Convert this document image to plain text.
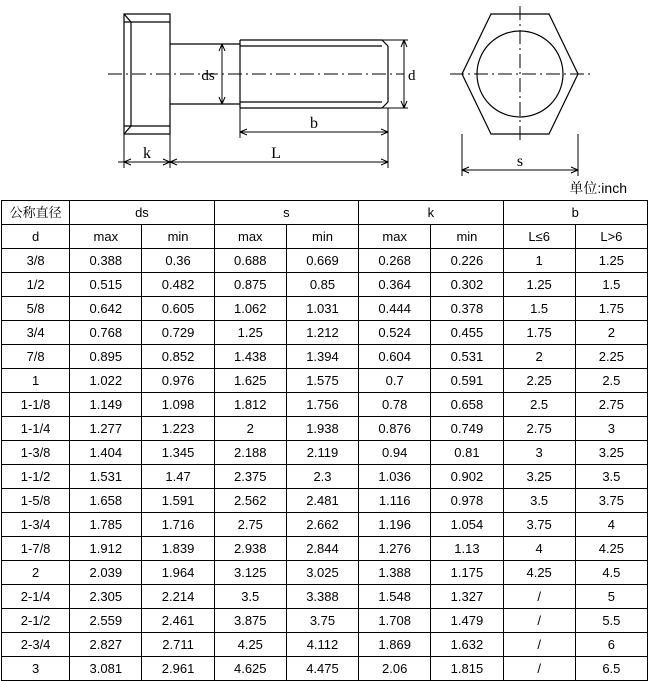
ds	d
b
L
k	s
单位:inch
公称直径	ds		s		k		b	
d	max	min	max	min	max	min	L≤6	L>6
3/8	0.388	0.36	0.688	0.669	0.268	0.226	1	1.25
1/2	0.515	0.482	0.875	0.85	0.364	0.302	1.25	1.5
5/8	0.642	0.605	1.062	1.031	0.444	0.378	1.5	1.75
3/4	0.768	0.729	1.25	1.212	0.524	0.455	1.75	2
7/8	0.895	0.852	1.438	1.394	0.604	0.531	2	2.25
1	1.022	0.976	1.625	1.575	0.7	0.591	2.25	2.5
1-1/8	1.149	1.098	1.812	1.756	0.78	0.658	2.5	2.75
1-1/4	1.277	1.223	2	1.938	0.876	0.749	2.75	3
1-3/8	1.404	1.345	2.188	2.119	0.94	0.81	3	3.25
1-1/2	1.531	1.47	2.375	2.3	1.036	0.902	3.25	3.5
1-5/8	1.658	1.591	2.562	2.481	1.116	0.978	3.5	3.75
1-3/4	1.785	1.716	2.75	2.662	1.196	1.054	3.75	4
1-7/8	1.912	1.839	2.938	2.844	1.276	1.13	4	4.25
2	2.039	1.964	3.125	3.025	1.388	1.175	4.25	4.5
2-1/4	2.305	2.214	3.5	3.388	1.548	1.327	/	5
2-1/2	2.559	2.461	3.875	3.75	1.708	1.479	/	5.5
2-3/4	2.827	2.711	4.25	4.112	1.869	1.632	/	6
3	3.081	2.961	4.625	4.475	2.06	1.815	/	6.5
